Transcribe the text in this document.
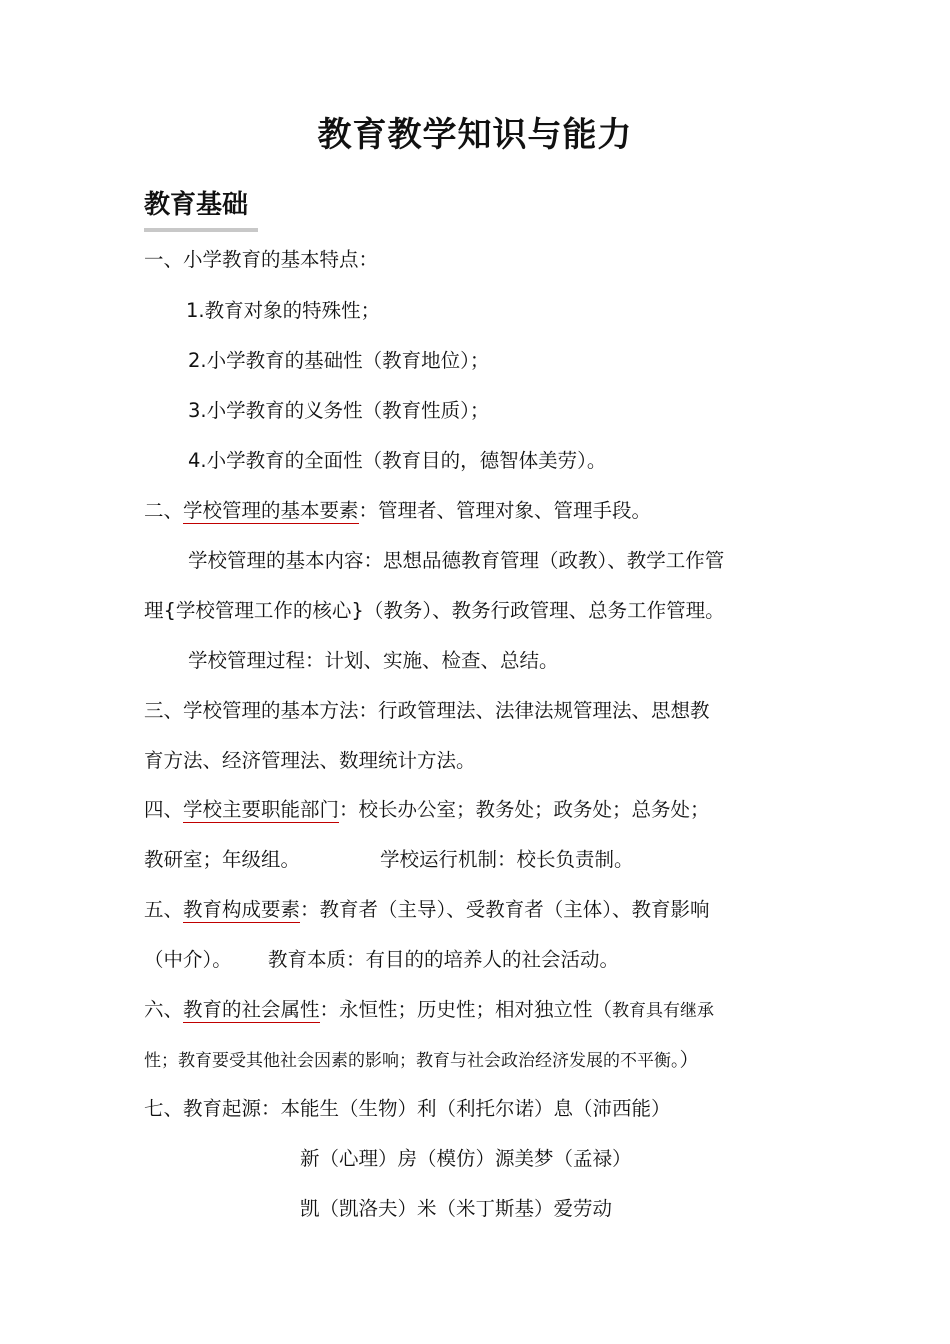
教育教学知识与能力
教育基础

一、小学教育的基本特点：

1.教育对象的特殊性；

2.小学教育的基础性（教育地位）；

3.小学教育的义务性（教育性质）；

4.小学教育的全面性（教育目的，德智体美劳）。

二、学校管理的基本要素：管理者、管理对象、管理手段。

学校管理的基本内容：思想品德教育管理（政教）、教学工作管

理{学校管理工作的核心}（教务）、教务行政管理、总务工作管理。

学校管理过程：计划、实施、检查、总结。

三、学校管理的基本方法：行政管理法、法律法规管理法、思想教

育方法、经济管理法、数理统计方法。

四、学校主要职能部门：校长办公室；教务处；政务处；总务处；

教研室；年级组。	学校运行机制：校长负责制。

五、教育构成要素：教育者（主导）、受教育者（主体）、教育影响

（中介）。 教育本质：有目的的培养人的社会活动。

六、教育的社会属性：永恒性；历史性；相对独立性（教育具有继承

性；教育要受其他社会因素的影响；教育与社会政治经济发展的不平衡。）

七、教育起源：本能生（生物）利（利托尔诺）息（沛西能）

新（心理）房（模仿）源美梦（孟禄）

凯（凯洛夫）米（米丁斯基）爱劳动
